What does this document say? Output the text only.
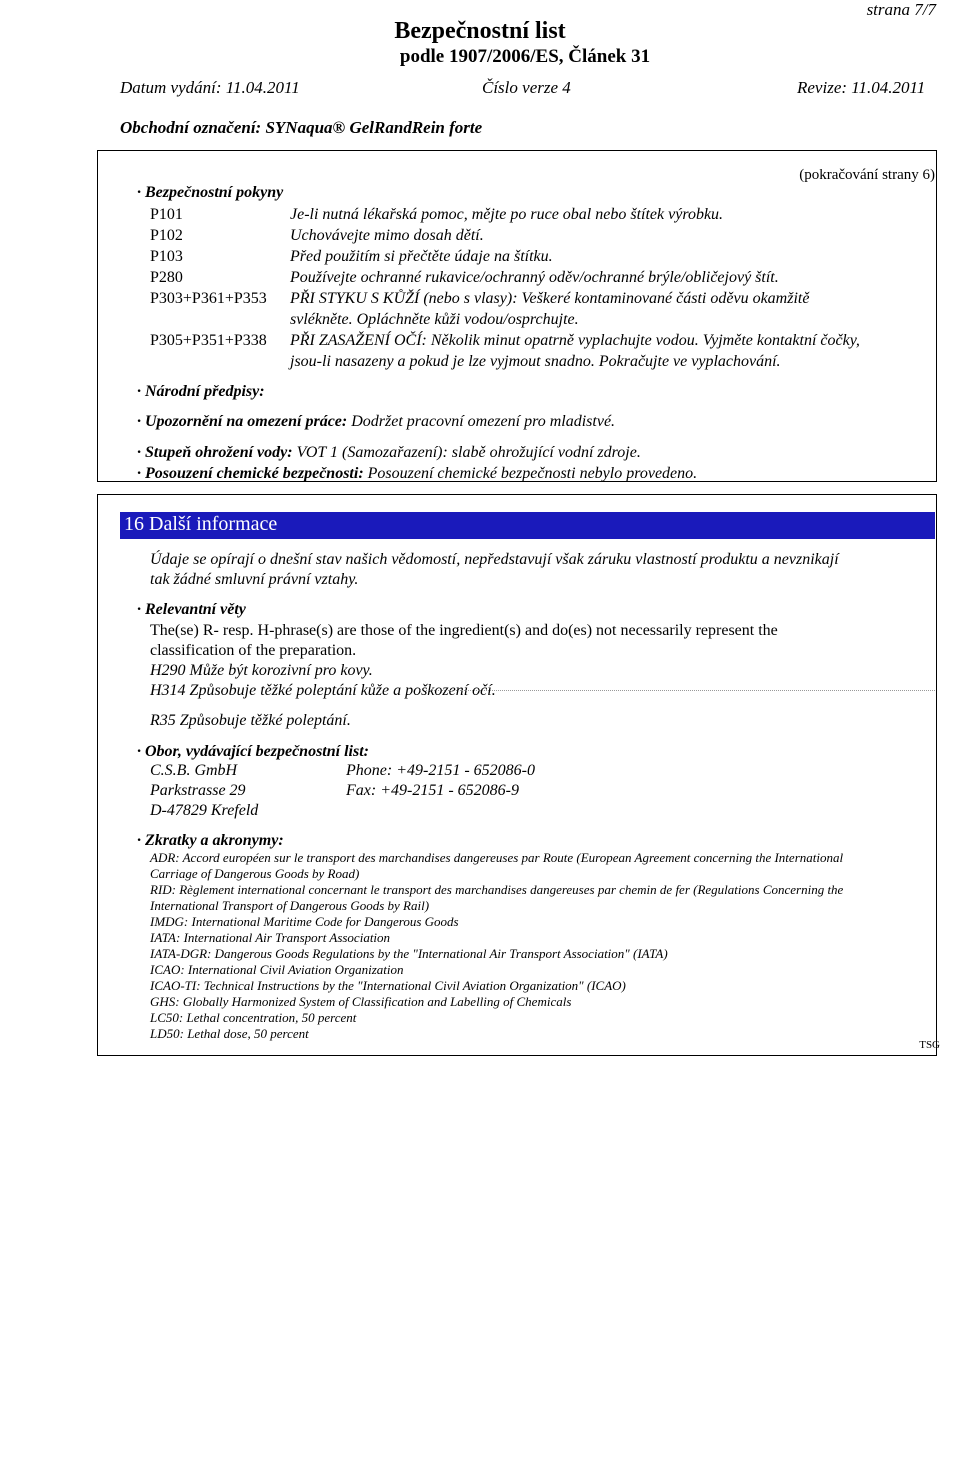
strana 7/7
Bezpečnostní list
podle 1907/2006/ES, Článek 31
Datum vydání: 11.04.2011	Číslo verze 4	Revize: 11.04.2011
Obchodní označení: SYNaqua® GelRandRein forte
(pokračování strany 6)
· Bezpečnostní pokyny
P101	Je-li nutná lékařská pomoc, mějte po ruce obal nebo štítek výrobku.
P102	Uchovávejte mimo dosah dětí.
P103	Před použitím si přečtěte údaje na štítku.
P280	Používejte ochranné rukavice/ochranný oděv/ochranné brýle/obličejový štít.
P303+P361+P353 PŘI STYKU S KŮŽÍ (nebo s vlasy): Veškeré kontaminované části oděvu okamžitě
svlékněte. Opláchněte kůži vodou/osprchujte.
P305+P351+P338 PŘI ZASAŽENÍ OČÍ: Několik minut opatrně vyplachujte vodou. Vyjměte kontaktní čočky,
jsou-li nasazeny a pokud je lze vyjmout snadno. Pokračujte ve vyplachování.
· Národní předpisy:
· Upozornění na omezení práce: Dodržet pracovní omezení pro mladistvé.
· Stupeň ohrožení vody: VOT 1 (Samozařazení): slabě ohrožující vodní zdroje.
· Posouzení chemické bezpečnosti: Posouzení chemické bezpečnosti nebylo provedeno.
16 Další informace
Údaje se opírají o dnešní stav našich vědomostí, nepředstavují však záruku vlastností produktu a nevznikají
tak žádné smluvní právní vztahy.
· Relevantní věty
The(se) R- resp. H-phrase(s) are those of the ingredient(s) and do(es) not necessarily represent the
classification of the preparation.
H290 Může být korozivní pro kovy.
H314 Způsobuje těžké poleptání kůže a poškození očí.
R35 Způsobuje těžké poleptání.
· Obor, vydávající bezpečnostní list:
C.S.B. GmbH	Phone: +49-2151 - 652086-0
Parkstrasse 29	Fax: +49-2151 - 652086-9
D-47829 Krefeld
· Zkratky a akronymy:
ADR: Accord européen sur le transport des marchandises dangereuses par Route (European Agreement concerning the International
Carriage of Dangerous Goods by Road)
RID: Règlement international concernant le transport des marchandises dangereuses par chemin de fer (Regulations Concerning the
International Transport of Dangerous Goods by Rail)
IMDG: International Maritime Code for Dangerous Goods
IATA: International Air Transport Association
IATA-DGR: Dangerous Goods Regulations by the "International Air Transport Association" (IATA)
ICAO: International Civil Aviation Organization
ICAO-TI: Technical Instructions by the "International Civil Aviation Organization" (ICAO)
GHS: Globally Harmonized System of Classification and Labelling of Chemicals
LC50: Lethal concentration, 50 percent
LD50: Lethal dose, 50 percent
TSG
